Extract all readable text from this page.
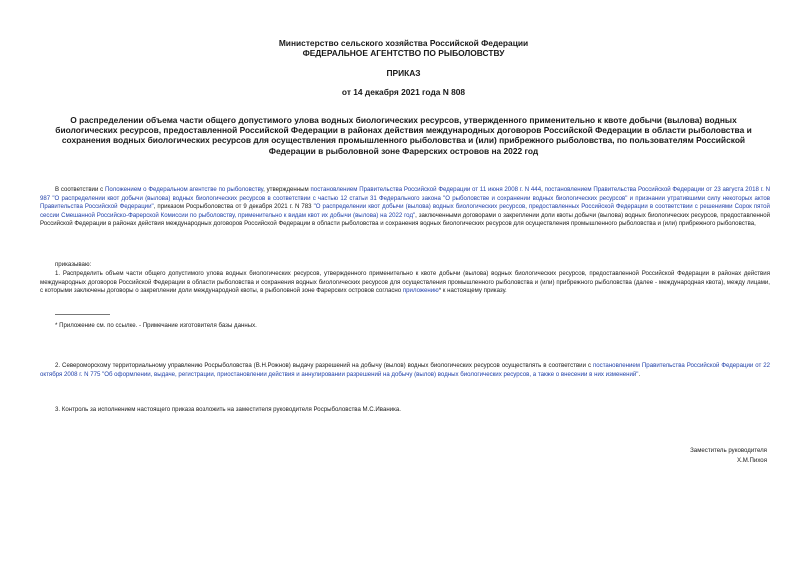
Министерство сельского хозяйства Российской Федерации
ФЕДЕРАЛЬНОЕ АГЕНТСТВО ПО РЫБОЛОВСТВУ
ПРИКАЗ
от 14 декабря 2021 года N 808
О распределении объема части общего допустимого улова водных биологических ресурсов, утвержденного применительно к квоте добычи (вылова) водных биологических ресурсов, предоставленной Российской Федерации в районах действия международных договоров Российской Федерации в области рыболовства и сохранения водных биологических ресурсов для осуществления промышленного рыболовства и (или) прибрежного рыболовства, по пользователям Российской Федерации в рыболовной зоне Фарерских островов на 2022 год
В соответствии с Положением о Федеральном агентстве по рыболовству, утвержденным постановлением Правительства Российской Федерации от 11 июня 2008 г. N 444, постановлением Правительства Российской Федерации от 23 августа 2018 г. N 987 "О распределении квот добычи (вылова) водных биологических ресурсов в соответствии с частью 12 статьи 31 Федерального закона "О рыболовстве и сохранении водных биологических ресурсов" и признании утратившими силу некоторых актов Правительства Российской Федерации", приказом Росрыболовства от 9 декабря 2021 г. N 783 "О распределении квот добычи (вылова) водных биологических ресурсов, предоставленных Российской Федерации в соответствии с решениями Сорок пятой сессии Смешанной Российско-Фарерской Комиссии по рыболовству, применительно к видам квот их добычи (вылова) на 2022 год", заключенными договорами о закреплении доли квоты добычи (вылова) водных биологических ресурсов, предоставленной Российской Федерации в районах действия международных договоров Российской Федерации в области рыболовства и сохранения водных биологических ресурсов для осуществления промышленного рыболовства и (или) прибрежного рыболовства,
приказываю:
1. Распределить объем части общего допустимого улова водных биологических ресурсов, утвержденного применительно к квоте добычи (вылова) водных биологических ресурсов, предоставленной Российской Федерации в районах действия международных договоров Российской Федерации в области рыболовства и сохранения водных биологических ресурсов для осуществления промышленного рыболовства и (или) прибрежного рыболовства (далее - международная квота), между лицами, с которыми заключены договоры о закреплении доли международной квоты, в рыболовной зоне Фарерских островов согласно приложению* к настоящему приказу.
* Приложение см. по ссылке. - Примечание изготовителя базы данных.
2. Североморскому территориальному управлению Росрыболовства (В.Н.Рожнов) выдачу разрешений на добычу (вылов) водных биологических ресурсов осуществлять в соответствии с постановлением Правительства Российской Федерации от 22 октября 2008 г. N 775 "Об оформлении, выдаче, регистрации, приостановлении действия и аннулировании разрешений на добычу (вылов) водных биологических ресурсов, а также о внесении в них изменений".
3. Контроль за исполнением настоящего приказа возложить на заместителя руководителя Росрыболовства М.С.Иваника.
Заместитель руководителя
Х.М.Пихоя
